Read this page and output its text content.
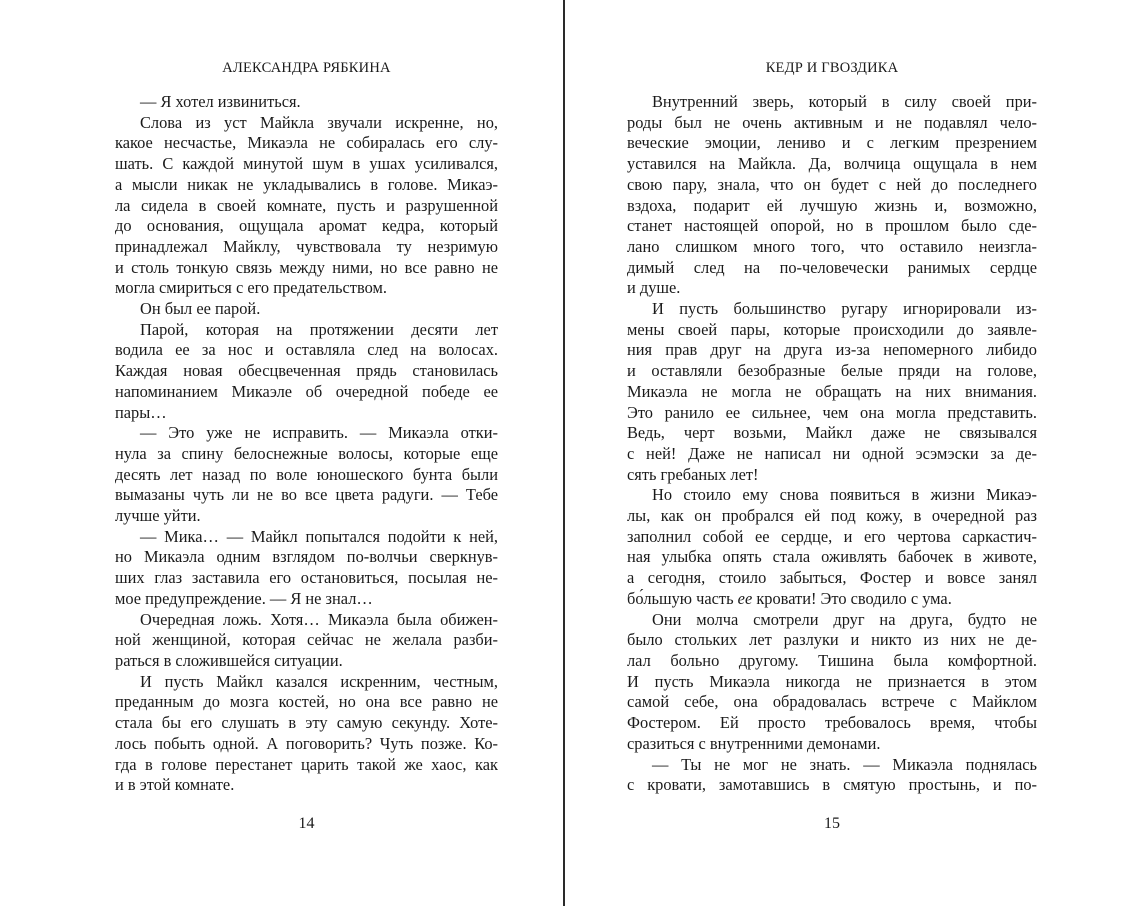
АЛЕКСАНДРА РЯБКИНА
— Я хотел извиниться.
Слова из уст Майкла звучали искренне, но,
какое несчастье, Микаэла не собиралась его слу-
шать. С каждой минутой шум в ушах усиливался,
а мысли никак не укладывались в голове. Микаэ-
ла сидела в своей комнате, пусть и разрушенной
до основания, ощущала аромат кедра, который
принадлежал Майклу, чувствовала ту незримую
и столь тонкую связь между ними, но все равно не
могла смириться с его предательством.
Он был ее парой.
Парой, которая на протяжении десяти лет
водила ее за нос и оставляла след на волосах.
Каждая новая обесцвеченная прядь становилась
напоминанием Микаэле об очередной победе ее
пары…
— Это уже не исправить. — Микаэла отки-
нула за спину белоснежные волосы, которые еще
десять лет назад по воле юношеского бунта были
вымазаны чуть ли не во все цвета радуги. — Тебе
лучше уйти.
— Мика… — Майкл попытался подойти к ней,
но Микаэла одним взглядом по-волчьи сверкнув-
ших глаз заставила его остановиться, посылая не-
мое предупреждение. — Я не знал…
Очередная ложь. Хотя… Микаэла была обижен-
ной женщиной, которая сейчас не желала разби-
раться в сложившейся ситуации.
И пусть Майкл казался искренним, честным,
преданным до мозга костей, но она все равно не
стала бы его слушать в эту самую секунду. Хоте-
лось побыть одной. А поговорить? Чуть позже. Ко-
гда в голове перестанет царить такой же хаос, как
и в этой комнате.
14
КЕДР И ГВОЗДИКА
Внутренний зверь, который в силу своей при-
роды был не очень активным и не подавлял чело-
веческие эмоции, лениво и с легким презрением
уставился на Майкла. Да, волчица ощущала в нем
свою пару, знала, что он будет с ней до последнего
вздоха, подарит ей лучшую жизнь и, возможно,
станет настоящей опорой, но в прошлом было сде-
лано слишком много того, что оставило неизгла-
димый след на по-человечески ранимых сердце
и душе.
И пусть большинство ругару игнорировали из-
мены своей пары, которые происходили до заявле-
ния прав друг на друга из-за непомерного либидо
и оставляли безобразные белые пряди на голове,
Микаэла не могла не обращать на них внимания.
Это ранило ее сильнее, чем она могла представить.
Ведь, черт возьми, Майкл даже не связывался
с ней! Даже не написал ни одной эсэмэски за де-
сять гребаных лет!
Но стоило ему снова появиться в жизни Микаэ-
лы, как он пробрался ей под кожу, в очередной раз
заполнил собой ее сердце, и его чертова саркастич-
ная улыбка опять стала оживлять бабочек в животе,
а сегодня, стоило забыться, Фостер и вовсе занял
бо́льшую часть ее кровати! Это сводило с ума.
Они молча смотрели друг на друга, будто не
было стольких лет разлуки и никто из них не де-
лал больно другому. Тишина была комфортной.
И пусть Микаэла никогда не признается в этом
самой себе, она обрадовалась встрече с Майклом
Фостером. Ей просто требовалось время, чтобы
сразиться с внутренними демонами.
— Ты не мог не знать. — Микаэла поднялась
с кровати, замотавшись в смятую простынь, и по-
15
